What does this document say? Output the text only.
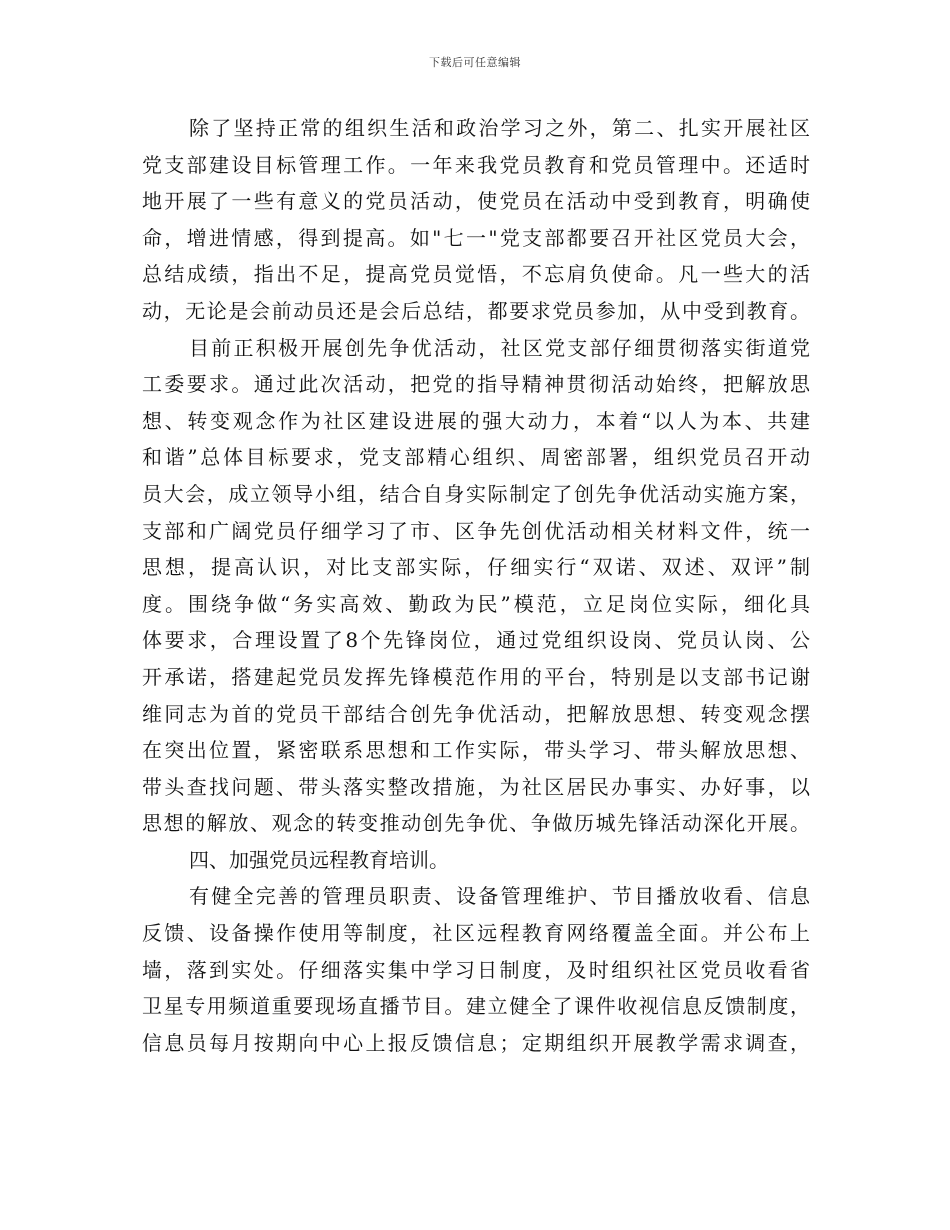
下载后可任意编辑
除了坚持正常的组织生活和政治学习之外，第二、扎实开展社区
党支部建设目标管理工作。一年来我党员教育和党员管理中。还适时
地开展了一些有意义的党员活动，使党员在活动中受到教育，明确使
命，增进情感，得到提高。如"七一"党支部都要召开社区党员大会，
总结成绩，指出不足，提高党员觉悟，不忘肩负使命。凡一些大的活
动，无论是会前动员还是会后总结，都要求党员参加，从中受到教育。
目前正积极开展创先争优活动，社区党支部仔细贯彻落实街道党
工委要求。通过此次活动，把党的指导精神贯彻活动始终，把解放思
想、转变观念作为社区建设进展的强大动力，本着“以人为本、共建
和谐”总体目标要求，党支部精心组织、周密部署，组织党员召开动
员大会，成立领导小组，结合自身实际制定了创先争优活动实施方案，
支部和广阔党员仔细学习了市、区争先创优活动相关材料文件，统一
思想，提高认识，对比支部实际，仔细实行“双诺、双述、双评”制
度。围绕争做“务实高效、勤政为民”模范，立足岗位实际，细化具
体要求，合理设置了8个先锋岗位，通过党组织设岗、党员认岗、公
开承诺，搭建起党员发挥先锋模范作用的平台，特别是以支部书记谢
维同志为首的党员干部结合创先争优活动，把解放思想、转变观念摆
在突出位置，紧密联系思想和工作实际，带头学习、带头解放思想、
带头查找问题、带头落实整改措施，为社区居民办事实、办好事，以
思想的解放、观念的转变推动创先争优、争做历城先锋活动深化开展。
四、加强党员远程教育培训。
有健全完善的管理员职责、设备管理维护、节目播放收看、信息
反馈、设备操作使用等制度，社区远程教育网络覆盖全面。并公布上
墙，落到实处。仔细落实集中学习日制度，及时组织社区党员收看省
卫星专用频道重要现场直播节目。建立健全了课件收视信息反馈制度，
信息员每月按期向中心上报反馈信息；定期组织开展教学需求调查，
